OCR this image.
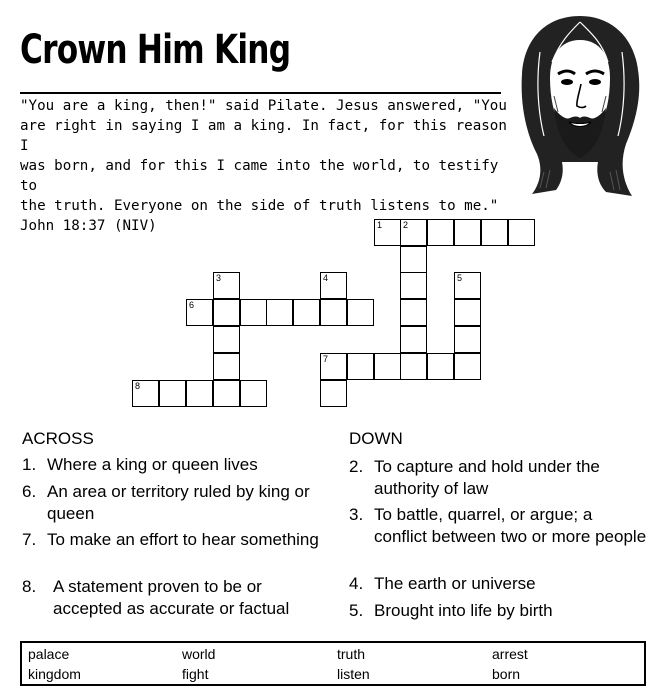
Crown Him King

"You are a king, then!" said Pilate. Jesus answered, "You

are right in saying I am a king. In fact, for this reason I

was born, and for this I came into the world, to testify to

the truth. Everyone on the side of truth listens to me."

John 18:37 (NIV)	1 2
3	4	5
6
7
8
ACROSS
1. Where a king or queen lives
6. An area or territory ruled by king or queen
7. To make an effort to hear something
8. A statement proven to be or accepted as accurate or factual
DOWN
2. To capture and hold under the authority of law
3. To battle, quarrel, or argue; a conflict between two or more people
4. The earth or universe
5. Brought into life by birth
palace	world	truth	arrest
kingdom	fight	listen	born
